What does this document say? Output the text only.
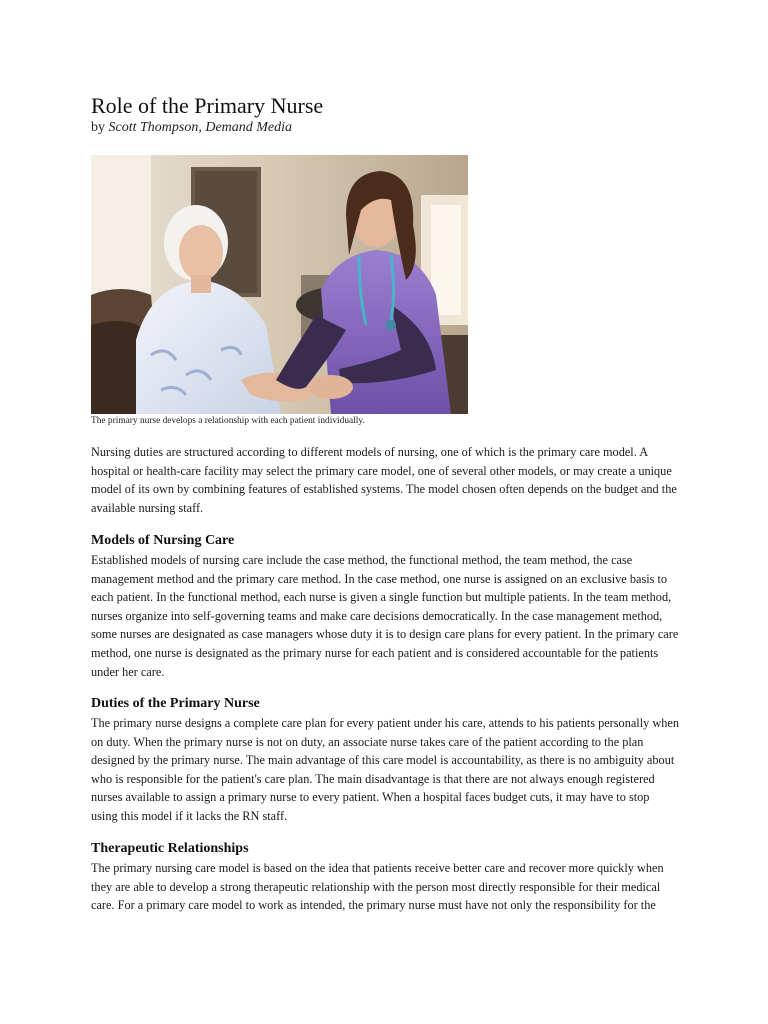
Role of the Primary Nurse
by Scott Thompson, Demand Media
The primary nurse develops a relationship with each patient individually.

Nursing duties are structured according to different models of nursing, one of which is the primary care model. A hospital or health-care facility may select the primary care model, one of several other models, or may create a unique model of its own by combining features of established systems. The model chosen often depends on the budget and the available nursing staff.

Models of Nursing Care

Established models of nursing care include the case method, the functional method, the team method, the case management method and the primary care method. In the case method, one nurse is assigned on an exclusive basis to each patient. In the functional method, each nurse is given a single function but multiple patients. In the team method, nurses organize into self-governing teams and make care decisions democratically. In the case management method, some nurses are designated as case managers whose duty it is to design care plans for every patient. In the primary care method, one nurse is designated as the primary nurse for each patient and is considered accountable for the patients under her care.

Duties of the Primary Nurse

The primary nurse designs a complete care plan for every patient under his care, attends to his patients personally when on duty. When the primary nurse is not on duty, an associate nurse takes care of the patient according to the plan designed by the primary nurse. The main advantage of this care model is accountability, as there is no ambiguity about who is responsible for the patient's care plan. The main disadvantage is that there are not always enough registered nurses available to assign a primary nurse to every patient. When a hospital faces budget cuts, it may have to stop using this model if it lacks the RN staff.

Therapeutic Relationships

The primary nursing care model is based on the idea that patients receive better care and recover more quickly when they are able to develop a strong therapeutic relationship with the person most directly responsible for their medical care. For a primary care model to work as intended, the primary nurse must have not only the responsibility for the
